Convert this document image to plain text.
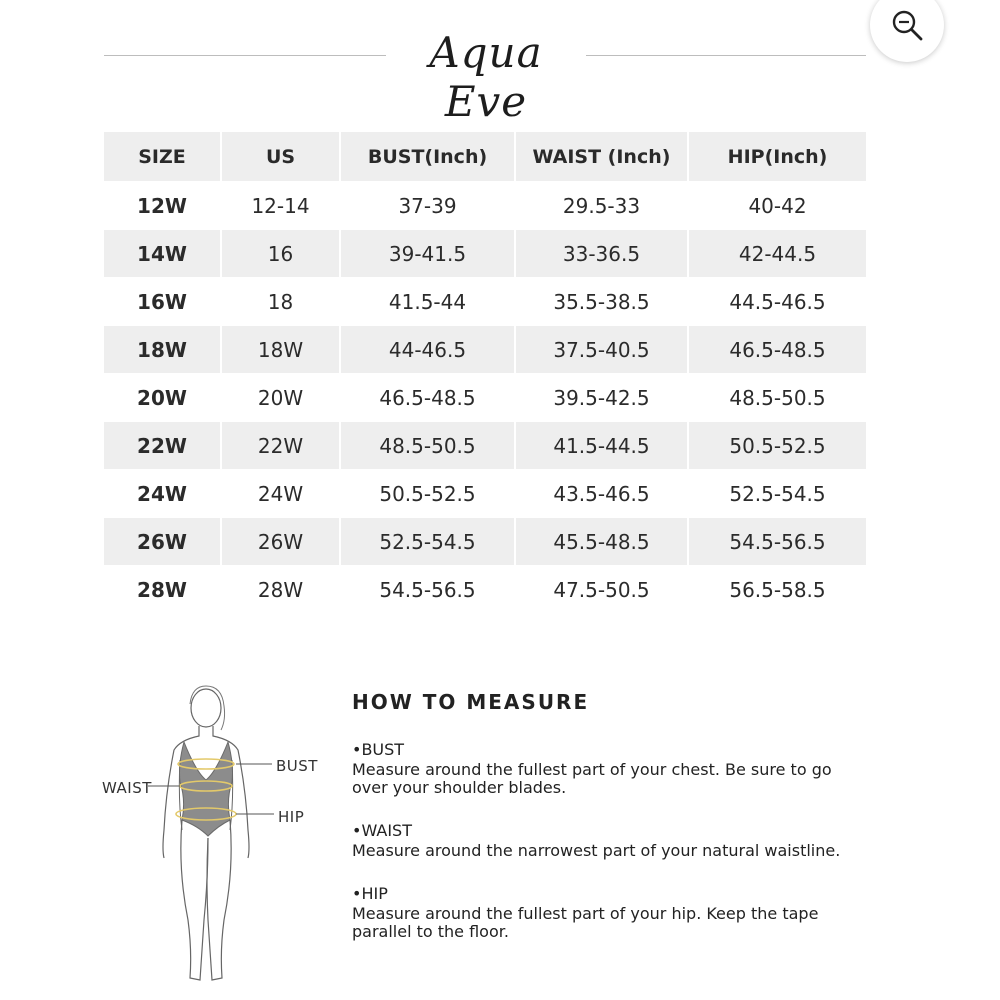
Aqua Eve
SIZE	US	BUST(Inch)	WAIST (Inch)	HIP(Inch)
12W	12-14	37-39	29.5-33	40-42
14W	16	39-41.5	33-36.5	42-44.5
16W	18	41.5-44	35.5-38.5	44.5-46.5
18W	18W	44-46.5	37.5-40.5	46.5-48.5
20W	20W	46.5-48.5	39.5-42.5	48.5-50.5
22W	22W	48.5-50.5	41.5-44.5	50.5-52.5
24W	24W	50.5-52.5	43.5-46.5	52.5-54.5
26W	26W	52.5-54.5	45.5-48.5	54.5-56.5
28W	28W	54.5-56.5	47.5-50.5	56.5-58.5
BUST
WAIST
HIP
HOW TO MEASURE
•BUST
Measure around the fullest part of your chest. Be sure to go over your shoulder blades.
•WAIST
Measure around the narrowest part of your natural waistline.
•HIP
Measure around the fullest part of your hip. Keep the tape parallel to the floor.
